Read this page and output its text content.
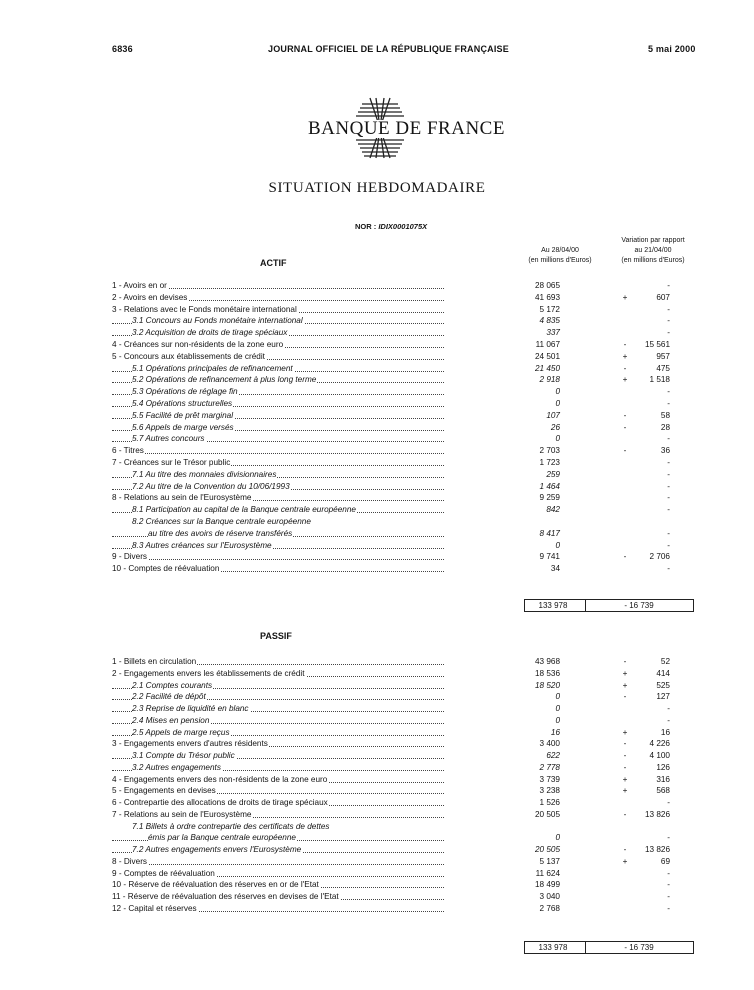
6836	JOURNAL OFFICIEL DE LA RÉPUBLIQUE FRANÇAISE	5 mai 2000
BANQUE DE FRANCE
SITUATION HEBDOMADAIRE
NOR : IDIX0001075X
Au 28/04/00
(en millions d'Euros)
Variation par rapport
au 21/04/00
(en millions d'Euros)
ACTIF
1 - Avoirs en or	28 065	-
2 - Avoirs en devises	41 693	+	607
3 - Relations avec le Fonds monétaire international	5 172	-
3.1 Concours au Fonds monétaire international	4 835	-
3.2 Acquisition de droits de tirage spéciaux	337	-
4 - Créances sur non-résidents de la zone euro	11 067	-	15 561
5 - Concours aux établissements de crédit	24 501	+	957
5.1 Opérations principales de refinancement	21 450	-	475
5.2 Opérations de refinancement à plus long terme	2 918	+	1 518
5.3 Opérations de réglage fin	0	-
5.4 Opérations structurelles	0	-
5.5 Facilité de prêt marginal	107	-	58
5.6 Appels de marge versés	26	-	28
5.7 Autres concours	0	-
6 - Titres	2 703	-	36
7 - Créances sur le Trésor public	1 723	-
7.1 Au titre des monnaies divisionnaires	259	-
7.2 Au titre de la Convention du 10/06/1993	1 464	-
8 - Relations au sein de l'Eurosystème	9 259	-
8.1 Participation au capital de la Banque centrale européenne	842	-
8.2 Créances sur la Banque centrale européenne
au titre des avoirs de réserve transférés	8 417	-
8.3 Autres créances sur l'Eurosystème	0	-
9 - Divers	9 741	-	2 706
10 - Comptes de réévaluation	34	-
133 978	- 16 739
PASSIF
1 - Billets en circulation	43 968	-	52
2 - Engagements envers les établissements de crédit	18 536	+	414
2.1 Comptes courants	18 520	+	525
2.2 Facilité de dépôt	0	-	127
2.3 Reprise de liquidité en blanc	0	-
2.4 Mises en pension	0	-
2.5 Appels de marge reçus	16	+	16
3 - Engagements envers d'autres résidents	3 400	-	4 226
3.1 Compte du Trésor public	622	-	4 100
3.2 Autres engagements	2 778	-	126
4 - Engagements envers des non-résidents de la zone euro	3 739	+	316
5 - Engagements en devises	3 238	+	568
6 - Contrepartie des allocations de droits de tirage spéciaux	1 526	-
7 - Relations au sein de l'Eurosystème	20 505	-	13 826
7.1 Billets à ordre contrepartie des certificats de dettes
émis par la Banque centrale européenne	0	-
7.2 Autres engagements envers l'Eurosystème	20 505	-	13 826
8 - Divers	5 137	+	69
9 - Comptes de réévaluation	11 624	-
10 - Réserve de réévaluation des réserves en or de l'Etat	18 499	-
11 - Réserve de réévaluation des réserves en devises de l'Etat	3 040	-
12 - Capital et réserves	2 768	-
133 978	- 16 739
